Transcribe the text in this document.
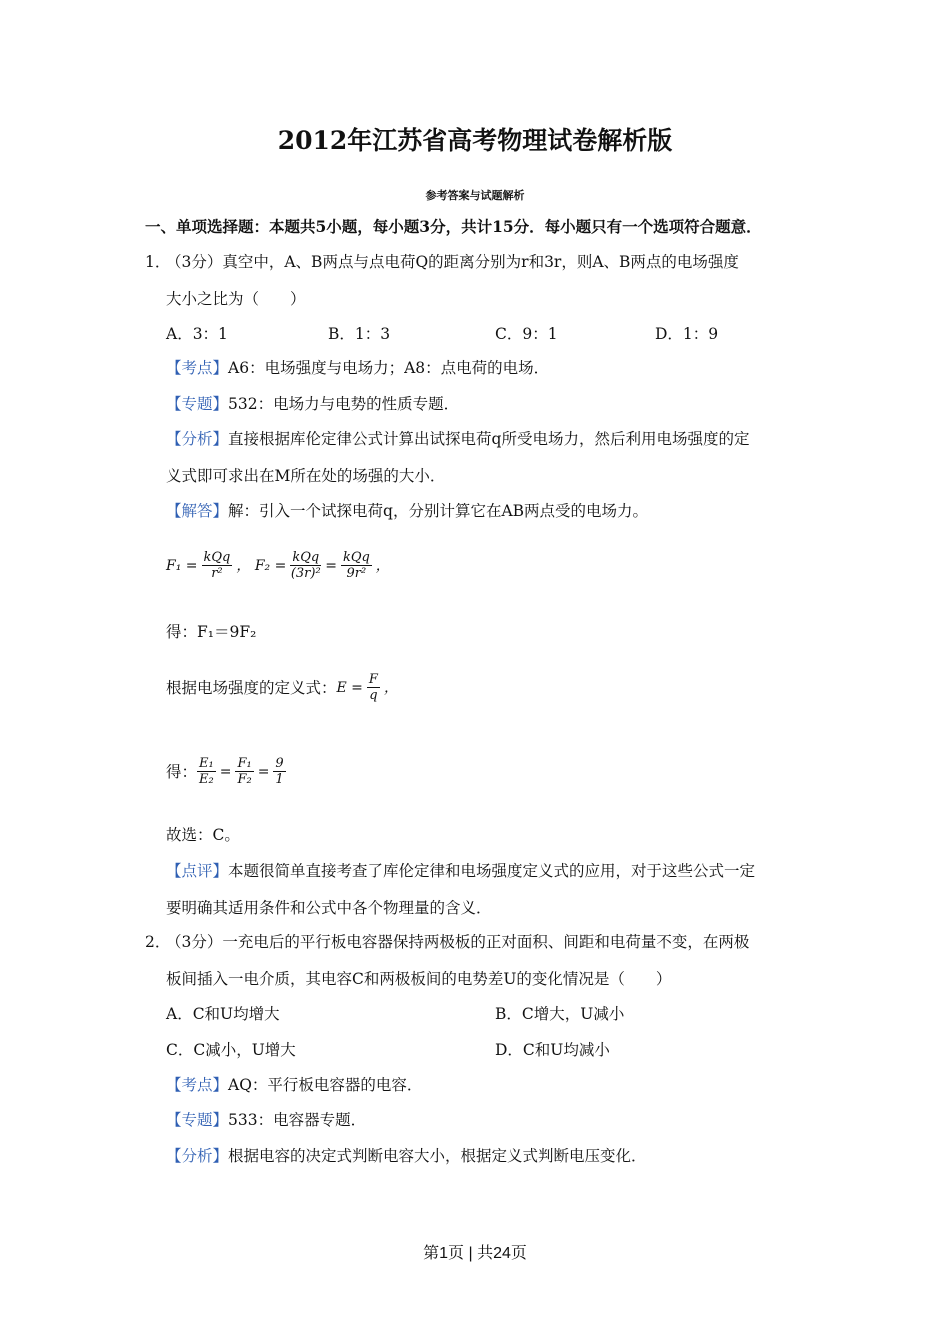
2012年江苏省高考物理试卷解析版
参考答案与试题解析
一、单项选择题：本题共5小题，每小题3分，共计15分．每小题只有一个选项符合题意．
1．
（3分）真空中，A、B两点与点电荷Q的距离分别为r和3r，则A、B两点的电场强度
大小之比为（　　）
A．3：1	B．1：3	C．9：1	D．1：9
【考点】A6：电场强度与电场力；A8：点电荷的电场．
【专题】532：电场力与电势的性质专题．
【分析】直接根据库伦定律公式计算出试探电荷q所受电场力，然后利用电场强度的定
义式即可求出在M所在处的场强的大小．
【解答】解：引入一个试探电荷q，分别计算它在AB两点受的电场力。
F₁ = kQq
r² ， F₂ = kQq
(3r)² = kQq
9r² ，
得：F₁＝9F₂
根据电场强度的定义式： $E = \frac{F}{q}$ ，
得： $\frac{\text{E₁}}{\text{E₂}} = \frac{\text{F₁}}{\text{F₂}} = \frac{9}{1}$
故选：C。
【点评】本题很简单直接考查了库伦定律和电场强度定义式的应用，对于这些公式一定
要明确其适用条件和公式中各个物理量的含义．
2．
（3分）一充电后的平行板电容器保持两极板的正对面积、间距和电荷量不变，在两极
板间插入一电介质，其电容C和两极板间的电势差U的变化情况是（　　）
A．C和U均增大	B．C增大，U减小
C．C减小，U增大	D．C和U均减小
【考点】AQ：平行板电容器的电容．
【专题】533：电容器专题．
【分析】根据电容的决定式判断电容大小，根据定义式判断电压变化．
第1页 | 共24页
